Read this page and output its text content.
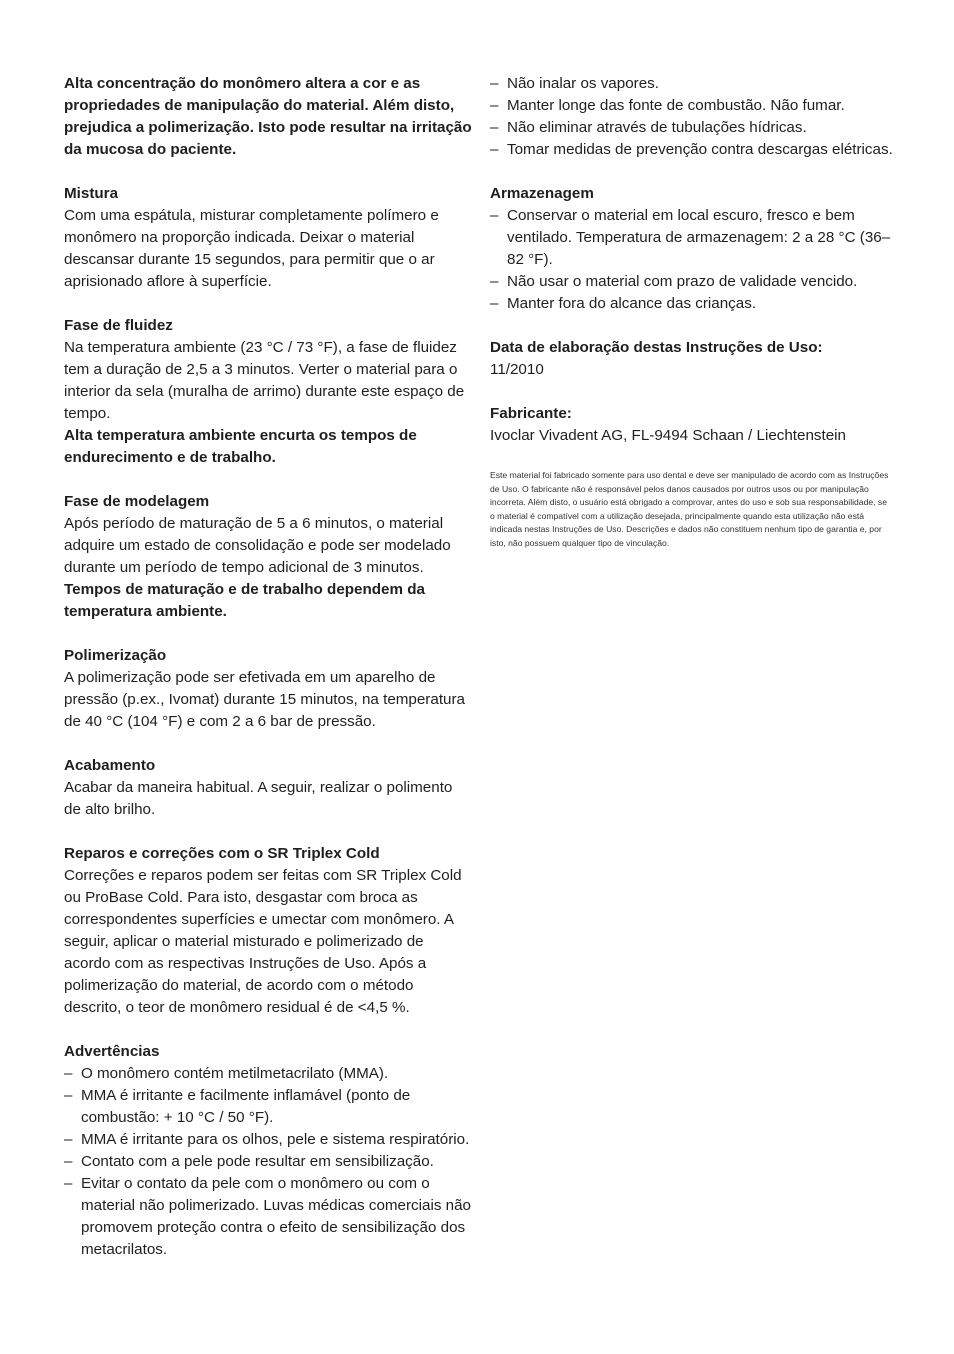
Alta concentração do monômero altera a cor e as propriedades de manipulação do material. Além disto, prejudica a polimerização. Isto pode resultar na irritação da mucosa do paciente.

Mistura

Com uma espátula, misturar completamente polímero e monômero na proporção indicada. Deixar o material descansar durante 15 segundos, para permitir que o ar aprisionado aflore à superfície.

Fase de fluidez

Na temperatura ambiente (23 °C / 73 °F), a fase de fluidez tem a duração de 2,5 a 3 minutos. Verter o material para o interior da sela (muralha de arrimo) durante este espaço de tempo.

Alta temperatura ambiente encurta os tempos de endurecimento e de trabalho.

Fase de modelagem

Após período de maturação de 5 a 6 minutos, o material adquire um estado de consolidação e pode ser modelado durante um período de tempo adicional de 3 minutos.

Tempos de maturação e de trabalho dependem da temperatura ambiente.

Polimerização

A polimerização pode ser efetivada em um aparelho de pressão (p.ex., Ivomat) durante 15 minutos, na temperatura de 40 °C (104 °F) e com 2 a 6 bar de pressão.

Acabamento

Acabar da maneira habitual. A seguir, realizar o polimento de alto brilho.

Reparos e correções com o SR Triplex Cold

Correções e reparos podem ser feitas com SR Triplex Cold ou ProBase Cold. Para isto, desgastar com broca as correspondentes superfícies e umectar com monômero. A seguir, aplicar o material misturado e polimerizado de acordo com as respectivas Instruções de Uso. Após a polimerização do material, de acordo com o método descrito, o teor de monômero residual é de <4,5 %.

Advertências

– O monômero contém metilmetacrilato (MMA).
– MMA é irritante e facilmente inflamável (ponto de combustão: + 10 °C / 50 °F).
– MMA é irritante para os olhos, pele e sistema respiratório.
– Contato com a pele pode resultar em sensibilização.
– Evitar o contato da pele com o monômero ou com o material não polimerizado. Luvas médicas comerciais não promovem proteção contra o efeito de sensibilização dos metacrilatos.
– Não inalar os vapores.
– Manter longe das fonte de combustão. Não fumar.
– Não eliminar através de tubulações hídricas.
– Tomar medidas de prevenção contra descargas elétricas.

Armazenagem

– Conservar o material em local escuro, fresco e bem ventilado. Temperatura de armazenagem: 2 a 28 °C (36–82 °F).
– Não usar o material com prazo de validade vencido.
– Manter fora do alcance das crianças.

Data de elaboração destas Instruções de Uso:

11/2010

Fabricante:

Ivoclar Vivadent AG, FL-9494 Schaan / Liechtenstein

Este material foi fabricado somente para uso dental e deve ser manipulado de acordo com as Instruções de Uso. O fabricante não é responsável pelos danos causados por outros usos ou por manipulação incorreta. Além disto, o usuário está obrigado a comprovar, antes do uso e sob sua responsabilidade, se o material é compatível com a utilização desejada, principalmente quando esta utilização não está indicada nestas Instruções de Uso. Descrições e dados não constituem nenhum tipo de garantia e, por isto, não possuem qualquer tipo de vinculação.
